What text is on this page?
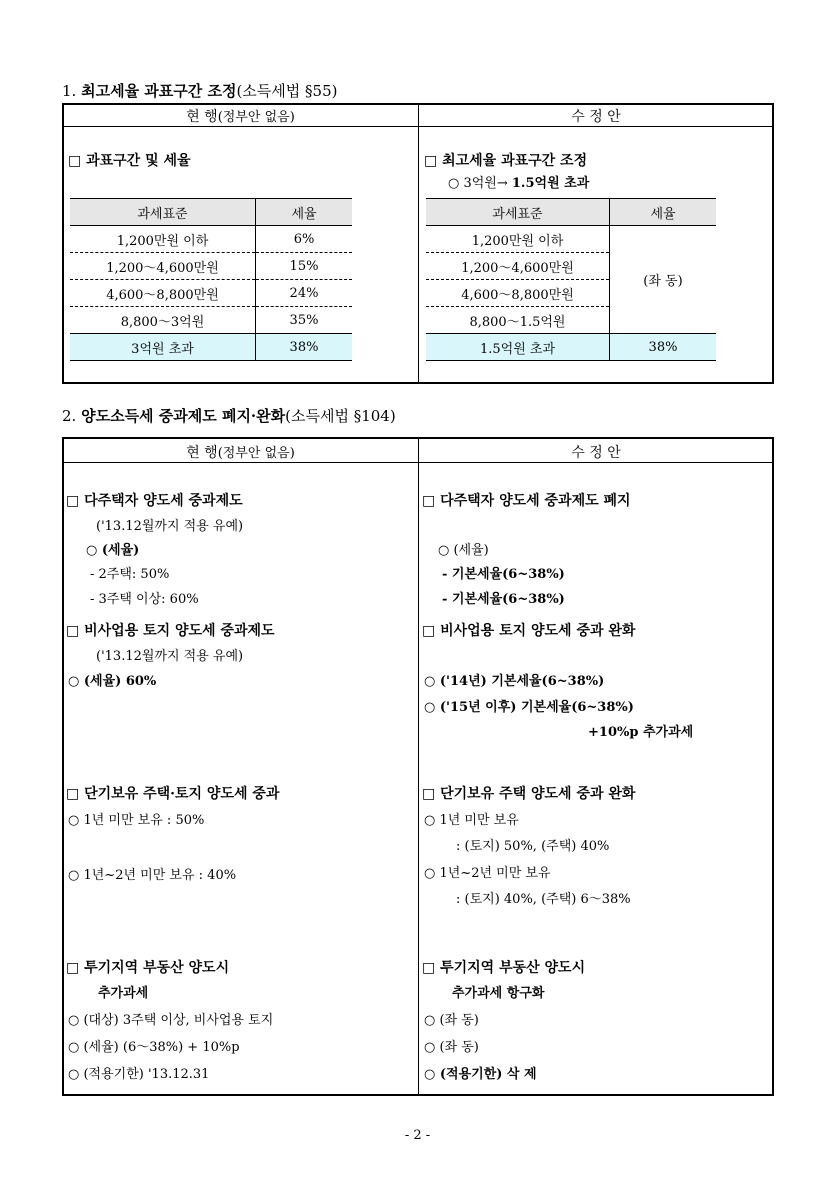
1. 최고세율 과표구간 조정(소득세법 §55)
현 행(정부안 없음)	수 정 안
□ 과표구간 및 세율	□ 최고세율 과표구간 조정
○ 3억원→ 1.5억원 초과
과세표준	세율
1,200만원 이하	6%
1,200～4,600만원	15%
4,600～8,800만원	24%
8,800～3억원	35%
3억원 초과	38%
과세표준	세율
1,200만원 이하	(좌 동)
1,200～4,600만원	
4,600～8,800만원	
8,800～1.5억원	
1.5억원 초과	38%
2. 양도소득세 중과제도 폐지·완화(소득세법 §104)
현 행(정부안 없음)	수 정 안
□ 다주택자 양도세 중과제도
('13.12월까지 적용 유예)
○ (세율)
- 2주택: 50%
- 3주택 이상: 60%
□ 비사업용 토지 양도세 중과제도
('13.12월까지 적용 유예)
○ (세율) 60%
□ 단기보유 주택·토지 양도세 중과
○ 1년 미만 보유 : 50%
○ 1년~2년 미만 보유 : 40%
□ 투기지역 부동산 양도시
추가과세
○ (대상) 3주택 이상, 비사업용 토지
○ (세율) (6～38%) + 10%p
○ (적용기한) '13.12.31
□ 다주택자 양도세 중과제도 폐지
○ (세율)
- 기본세율(6~38%)
- 기본세율(6~38%)
□ 비사업용 토지 양도세 중과 완화
○ ('14년) 기본세율(6~38%)
○ ('15년 이후) 기본세율(6~38%)
+10%p 추가과세
□ 단기보유 주택 양도세 중과 완화
○ 1년 미만 보유
: (토지) 50%, (주택) 40%
○ 1년~2년 미만 보유
: (토지) 40%, (주택) 6～38%
□ 투기지역 부동산 양도시
추가과세 항구화
○ (좌 동)
○ (좌 동)
○ (적용기한) 삭 제
- 2 -
